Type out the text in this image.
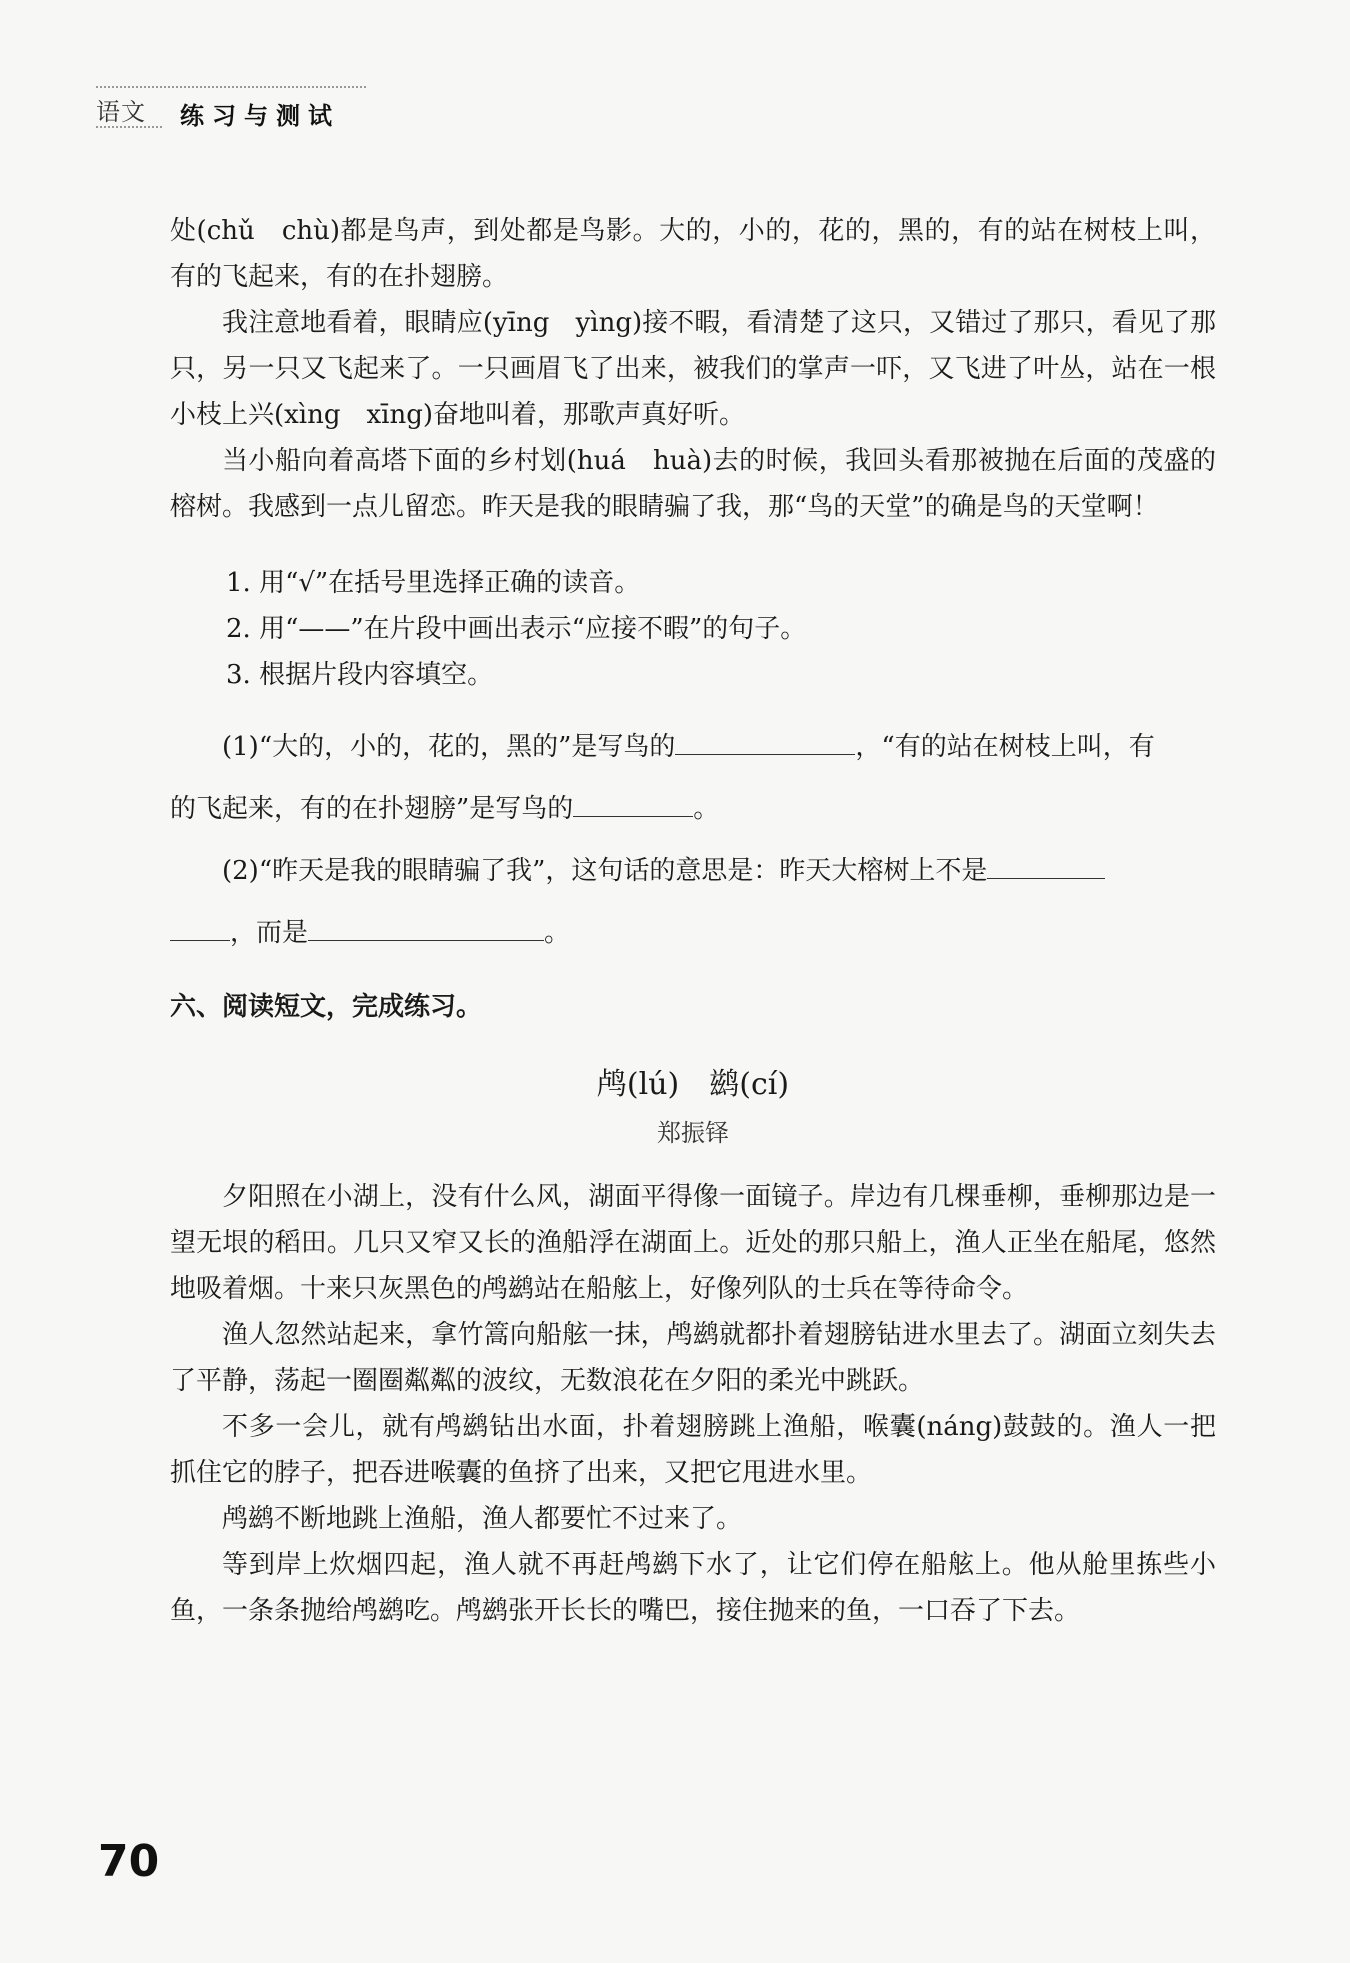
语文 练习与测试

处(chǔ　chù)都是鸟声，到处都是鸟影。大的，小的，花的，黑的，有的站在树枝上叫，有的飞起来，有的在扑翅膀。

我注意地看着，眼睛应(yīng　yìng)接不暇，看清楚了这只，又错过了那只，看见了那只，另一只又飞起来了。一只画眉飞了出来，被我们的掌声一吓，又飞进了叶丛，站在一根小枝上兴(xìng　xīng)奋地叫着，那歌声真好听。

当小船向着高塔下面的乡村划(huá　huà)去的时候，我回头看那被抛在后面的茂盛的榕树。我感到一点儿留恋。昨天是我的眼睛骗了我，那“鸟的天堂”的确是鸟的天堂啊！

1. 用“√”在括号里选择正确的读音。

2. 用“——”在片段中画出表示“应接不暇”的句子。

3. 根据片段内容填空。

(1)“大的，小的，花的，黑的”是写鸟的	，“有的站在树枝上叫，有

的飞起来，有的在扑翅膀”是写鸟的	。

(2)“昨天是我的眼睛骗了我”，这句话的意思是：昨天大榕树上不是

，而是	。

六、阅读短文，完成练习。

鸬(lú)　鹚(cí)

郑振铎

夕阳照在小湖上，没有什么风，湖面平得像一面镜子。岸边有几棵垂柳，垂柳那边是一望无垠的稻田。几只又窄又长的渔船浮在湖面上。近处的那只船上，渔人正坐在船尾，悠然地吸着烟。十来只灰黑色的鸬鹚站在船舷上，好像列队的士兵在等待命令。

渔人忽然站起来，拿竹篙向船舷一抹，鸬鹚就都扑着翅膀钻进水里去了。湖面立刻失去了平静，荡起一圈圈粼粼的波纹，无数浪花在夕阳的柔光中跳跃。

不多一会儿，就有鸬鹚钻出水面，扑着翅膀跳上渔船，喉囊(náng)鼓鼓的。渔人一把抓住它的脖子，把吞进喉囊的鱼挤了出来，又把它甩进水里。

鸬鹚不断地跳上渔船，渔人都要忙不过来了。

等到岸上炊烟四起，渔人就不再赶鸬鹚下水了，让它们停在船舷上。他从舱里拣些小鱼，一条条抛给鸬鹚吃。鸬鹚张开长长的嘴巴，接住抛来的鱼，一口吞了下去。

70
